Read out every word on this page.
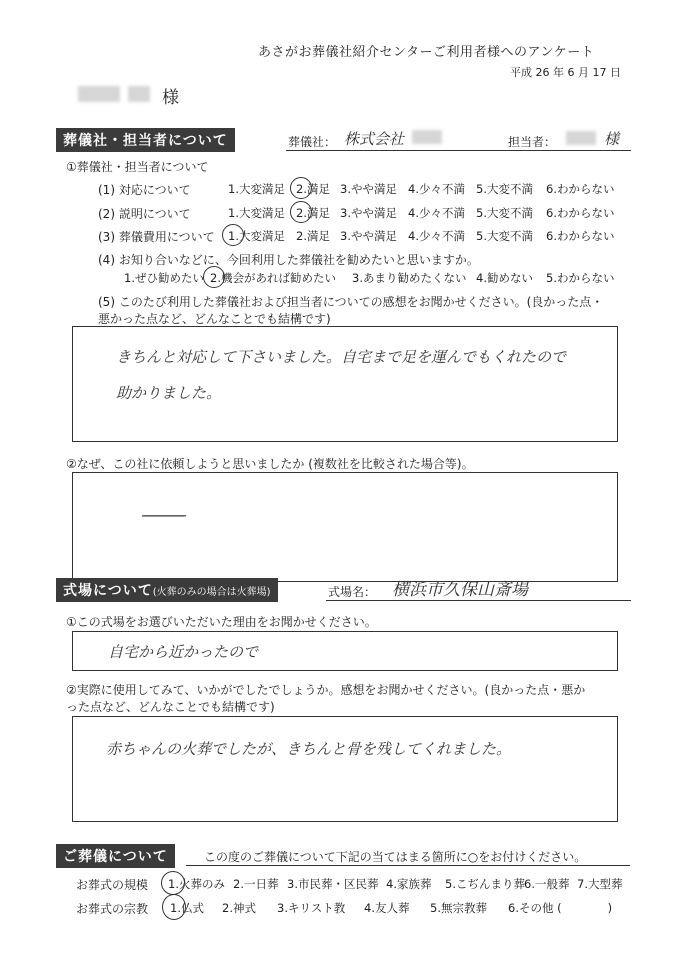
あさがお葬儀社紹介センターご利用者様へのアンケート
平成 26 年 6 月 17 日
様
葬儀社・担当者について	葬儀社： 株式会社	担当者：	様
①葬儀社・担当者について
(1) 対応について	1.大変満足 2.満足 3.やや満足 4.少々不満 5.大変不満 6.わからない
(2) 説明について	1.大変満足 2.満足 3.やや満足 4.少々不満 5.大変不満 6.わからない
(3) 葬儀費用について 1.大変満足 2.満足 3.やや満足 4.少々不満 5.大変不満 6.わからない
(4) お知り合いなどに、今回利用した葬儀社を勧めたいと思いますか。
1.ぜひ勧めたい 2.機会があれば勧めたい 3.あまり勧めたくない 4.勧めない 5.わからない
(5) このたび利用した葬儀社および担当者についての感想をお聞かせください。(良かった点・
悪かった点など、どんなことでも結構です)
きちんと対応して下さいました。自宅まで足を運んでもくれたので
助かりました。
②なぜ、この社に依頼しようと思いましたか (複数社を比較された場合等)。
—
式場について(火葬のみの場合は火葬場)	式場名： 横浜市久保山斎場
①この式場をお選びいただいた理由をお聞かせください。
自宅から近かったので
②実際に使用してみて、いかがでしたでしょうか。感想をお聞かせください。(良かった点・悪か
った点など、どんなことでも結構です)
赤ちゃんの火葬でしたが、きちんと骨を残してくれました。
ご葬儀について	この度のご葬儀について下記の当てはまる箇所に○をお付けください。
お葬式の規模 1.火葬のみ 2.一日葬 3.市民葬・区民葬 4.家族葬 5.こぢんまり葬 6.一般葬 7.大型葬
お葬式の宗教 1.仏式 2.神式 3.キリスト教 4.友人葬 5.無宗教葬 6.その他 (　　　　)
